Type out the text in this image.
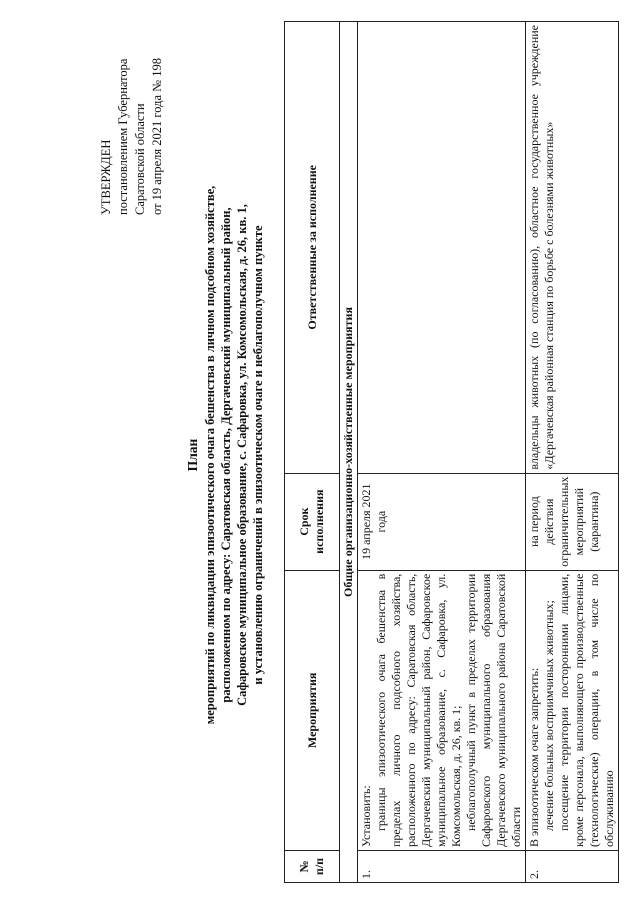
УТВЕРЖДЕН постановлением Губернатора Саратовской области от 19 апреля 2021 года № 198
План мероприятий по ликвидации эпизоотического очага бешенства в личном подсобном хозяйстве, расположенном по адресу: Саратовская область, Дергачевский муниципальный район, Сафаровское муниципальное образование, с. Сафаровка, ул. Комсомольская, д. 26, кв. 1, и установлению ограничений в эпизоотическом очаге и неблагополучном пункте
№ п/п	Мероприятия	Срок исполнения	Ответственные за исполнение
Общие организационно-хозяйственные мероприятия			
1.	Установить: границы эпизоотического очага бешенства в пределах личного подсобного хозяйства, расположенного по адресу: Саратовская область, Дергачевский муниципальный район, Сафаровское муниципальное образование, с. Сафаровка, ул. Комсомольская, д. 26, кв. 1; неблагополучный пункт в пределах территории Сафаровского муниципального образования Дергачевского муниципального района Саратовской области	19 апреля 2021 года	
2.	В эпизоотическом очаге запретить: лечение больных восприимчивых животных; посещение территории посторонними лицами, кроме персонала, выполняющего производственные (технологические) операции, в том числе по обслуживанию	на период действия ограничительных мероприятий (карантина)	владельцы животных (по согласованию), областное государственное учреждение «Дергачевская районная станция по борьбе с болезнями животных»
